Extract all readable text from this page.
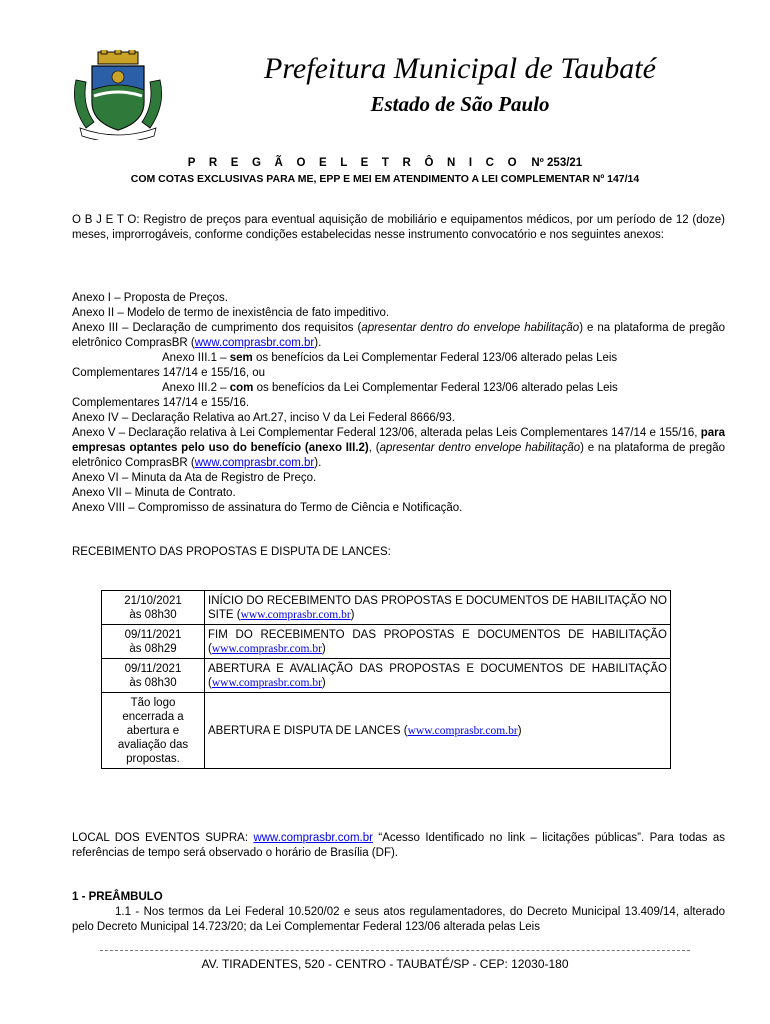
Prefeitura Municipal de Taubaté
Estado de São Paulo
P R E G Ã O E L E T R Ô N I C O Nº 253/21
COM COTAS EXCLUSIVAS PARA ME, EPP E MEI EM ATENDIMENTO A LEI COMPLEMENTAR Nº 147/14
O B J E T O: Registro de preços para eventual aquisição de mobiliário e equipamentos médicos, por um período de 12 (doze) meses, improrrogáveis, conforme condições estabelecidas nesse instrumento convocatório e nos seguintes anexos:
Anexo I – Proposta de Preços.
Anexo II – Modelo de termo de inexistência de fato impeditivo.
Anexo III – Declaração de cumprimento dos requisitos (apresentar dentro do envelope habilitação) e na plataforma de pregão eletrônico ComprasBR (www.comprasbr.com.br).
Anexo III.1 – sem os benefícios da Lei Complementar Federal 123/06 alterado pelas Leis
Complementares 147/14 e 155/16, ou
Anexo III.2 – com os benefícios da Lei Complementar Federal 123/06 alterado pelas Leis
Complementares 147/14 e 155/16.
Anexo IV – Declaração Relativa ao Art.27, inciso V da Lei Federal 8666/93.
Anexo V – Declaração relativa à Lei Complementar Federal 123/06, alterada pelas Leis Complementares 147/14 e 155/16, para empresas optantes pelo uso do benefício (anexo III.2), (apresentar dentro envelope habilitação) e na plataforma de pregão eletrônico ComprasBR (www.comprasbr.com.br).
Anexo VI – Minuta da Ata de Registro de Preço.
Anexo VII – Minuta de Contrato.
Anexo VIII – Compromisso de assinatura do Termo de Ciência e Notificação.
RECEBIMENTO DAS PROPOSTAS E DISPUTA DE LANCES:
21/10/2021
às 08h30	INÍCIO DO RECEBIMENTO DAS PROPOSTAS E DOCUMENTOS DE HABILITAÇÃO NO SITE (www.comprasbr.com.br)

09/11/2021
às 08h29	FIM DO RECEBIMENTO DAS PROPOSTAS E DOCUMENTOS DE HABILITAÇÃO (www.comprasbr.com.br)

09/11/2021
às 08h30	ABERTURA E AVALIAÇÃO DAS PROPOSTAS E DOCUMENTOS DE HABILITAÇÃO (www.comprasbr.com.br)

Tão logo encerrada a abertura e avaliação das propostas.	ABERTURA E DISPUTA DE LANCES (www.comprasbr.com.br)
LOCAL DOS EVENTOS SUPRA: www.comprasbr.com.br “Acesso Identificado no link – licitações públicas”. Para todas as referências de tempo será observado o horário de Brasília (DF).
1 - PREÂMBULO
1.1 - Nos termos da Lei Federal 10.520/02 e seus atos regulamentadores, do Decreto Municipal 13.409/14, alterado pelo Decreto Municipal 14.723/20; da Lei Complementar Federal 123/06 alterada pelas Leis
AV. TIRADENTES, 520 - CENTRO - TAUBATÉ/SP - CEP: 12030-180
